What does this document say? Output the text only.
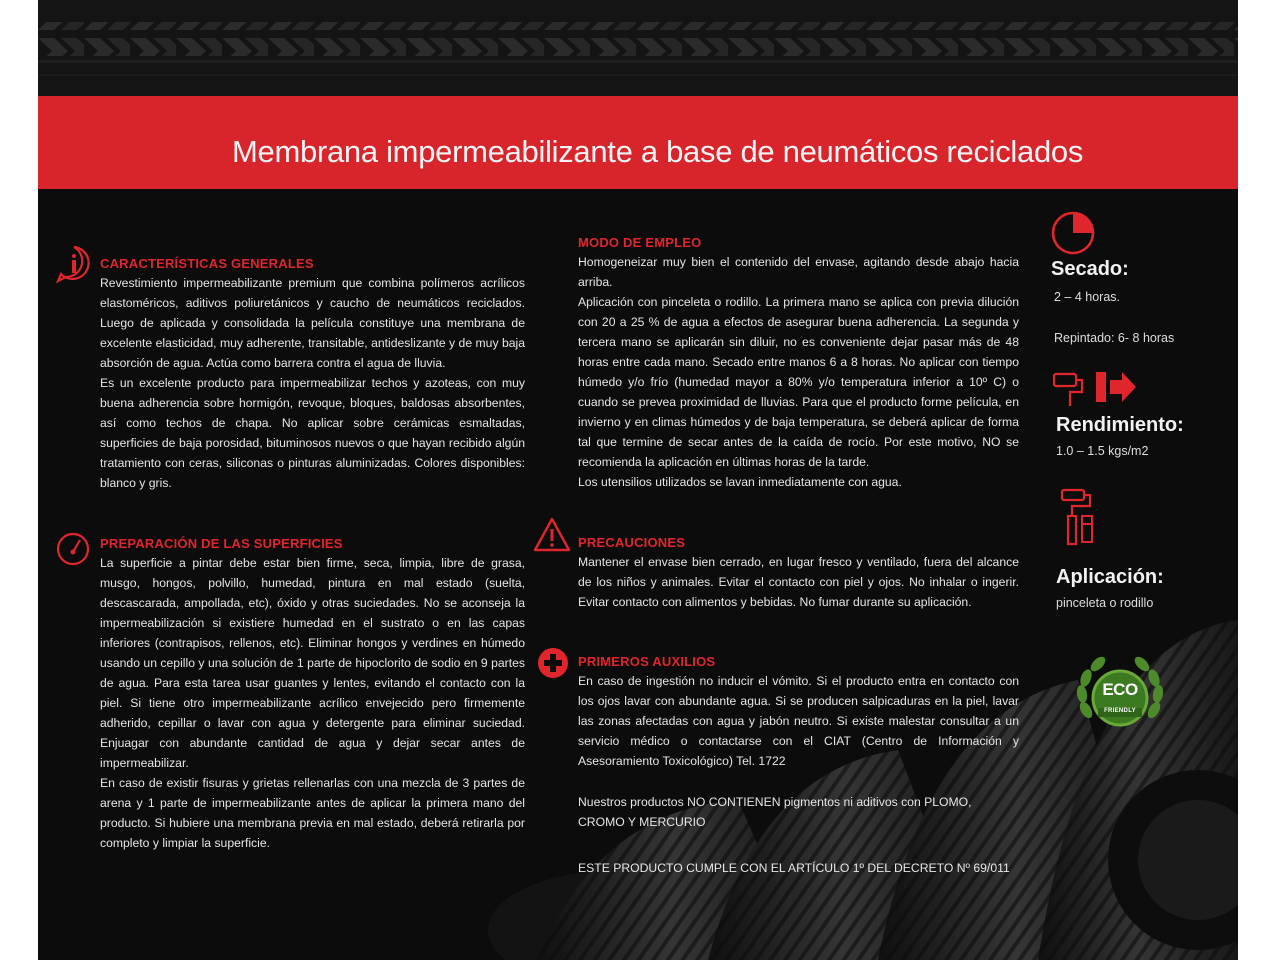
Membrana impermeabilizante a base de neumáticos reciclados
CARACTERÍSTICAS GENERALES

Revestimiento impermeabilizante premium que combina polímeros acrílicos elastoméricos, aditivos poliuretánicos y caucho de neumáticos reciclados. Luego de aplicada y consolidada la película constituye una membrana de excelente elasticidad, muy adherente, transitable, antideslizante y de muy baja absorción de agua. Actúa como barrera contra el agua de lluvia.

Es un excelente producto para impermeabilizar techos y azoteas, con muy buena adherencia sobre hormigón, revoque, bloques, baldosas absorbentes, así como techos de chapa. No aplicar sobre cerámicas esmaltadas, superficies de baja porosidad, bituminosos nuevos o que hayan recibido algún tratamiento con ceras, siliconas o pinturas aluminizadas. Colores disponibles: blanco y gris.

PREPARACIÓN DE LAS SUPERFICIES

La superficie a pintar debe estar bien firme, seca, limpia, libre de grasa, musgo, hongos, polvillo, humedad, pintura en mal estado (suelta, descascarada, ampollada, etc), óxido y otras suciedades. No se aconseja la impermeabilización si existiere humedad en el sustrato o en las capas inferiores (contrapisos, rellenos, etc). Eliminar hongos y verdines en húmedo usando un cepillo y una solución de 1 parte de hipoclorito de sodio en 9 partes de agua. Para esta tarea usar guantes y lentes, evitando el contacto con la piel. Si tiene otro impermeabilizante acrílico envejecido pero firmemente adherido, cepillar o lavar con agua y detergente para eliminar suciedad. Enjuagar con abundante cantidad de agua y dejar secar antes de impermeabilizar.

En caso de existir fisuras y grietas rellenarlas con una mezcla de 3 partes de arena y 1 parte de impermeabilizante antes de aplicar la primera mano del producto. Si hubiere una membrana previa en mal estado, deberá retirarla por completo y limpiar la superficie.

MODO DE EMPLEO

Homogeneizar muy bien el contenido del envase, agitando desde abajo hacia arriba.

Aplicación con pinceleta o rodillo. La primera mano se aplica con previa dilución con 20 a 25 % de agua a efectos de asegurar buena adherencia. La segunda y tercera mano se aplicarán sin diluir, no es conveniente dejar pasar más de 48 horas entre cada mano. Secado entre manos 6 a 8 horas. No aplicar con tiempo húmedo y/o frío (humedad mayor a 80% y/o temperatura inferior a 10º C) o cuando se prevea proximidad de lluvias. Para que el producto forme película, en invierno y en climas húmedos y de baja temperatura, se deberá aplicar de forma tal que termine de secar antes de la caída de rocío. Por este motivo, NO se recomienda la aplicación en últimas horas de la tarde.

Los utensilios utilizados se lavan inmediatamente con agua.

PRECAUCIONES

Mantener el envase bien cerrado, en lugar fresco y ventilado, fuera del alcance de los niños y animales. Evitar el contacto con piel y ojos. No inhalar o ingerir. Evitar contacto con alimentos y bebidas. No fumar durante su aplicación.

PRIMEROS AUXILIOS

En caso de ingestión no inducir el vómito. Si el producto entra en contacto con los ojos lavar con abundante agua. Si se producen salpicaduras en la piel, lavar las zonas afectadas con agua y jabón neutro. Si existe malestar consultar a un servicio médico o contactarse con el CIAT (Centro de Información y Asesoramiento Toxicológico) Tel. 1722

Nuestros productos NO CONTIENEN pigmentos ni aditivos con PLOMO,
CROMO Y MERCURIO
ESTE PRODUCTO CUMPLE CON EL ARTÍCULO 1º DEL DECRETO Nº 69/011
Secado:
2 – 4 horas.
Repintado: 6- 8 horas
Rendimiento:
1.0 – 1.5 kgs/m2
Aplicación:
pinceleta o rodillo
ECO
FRIENDLY
